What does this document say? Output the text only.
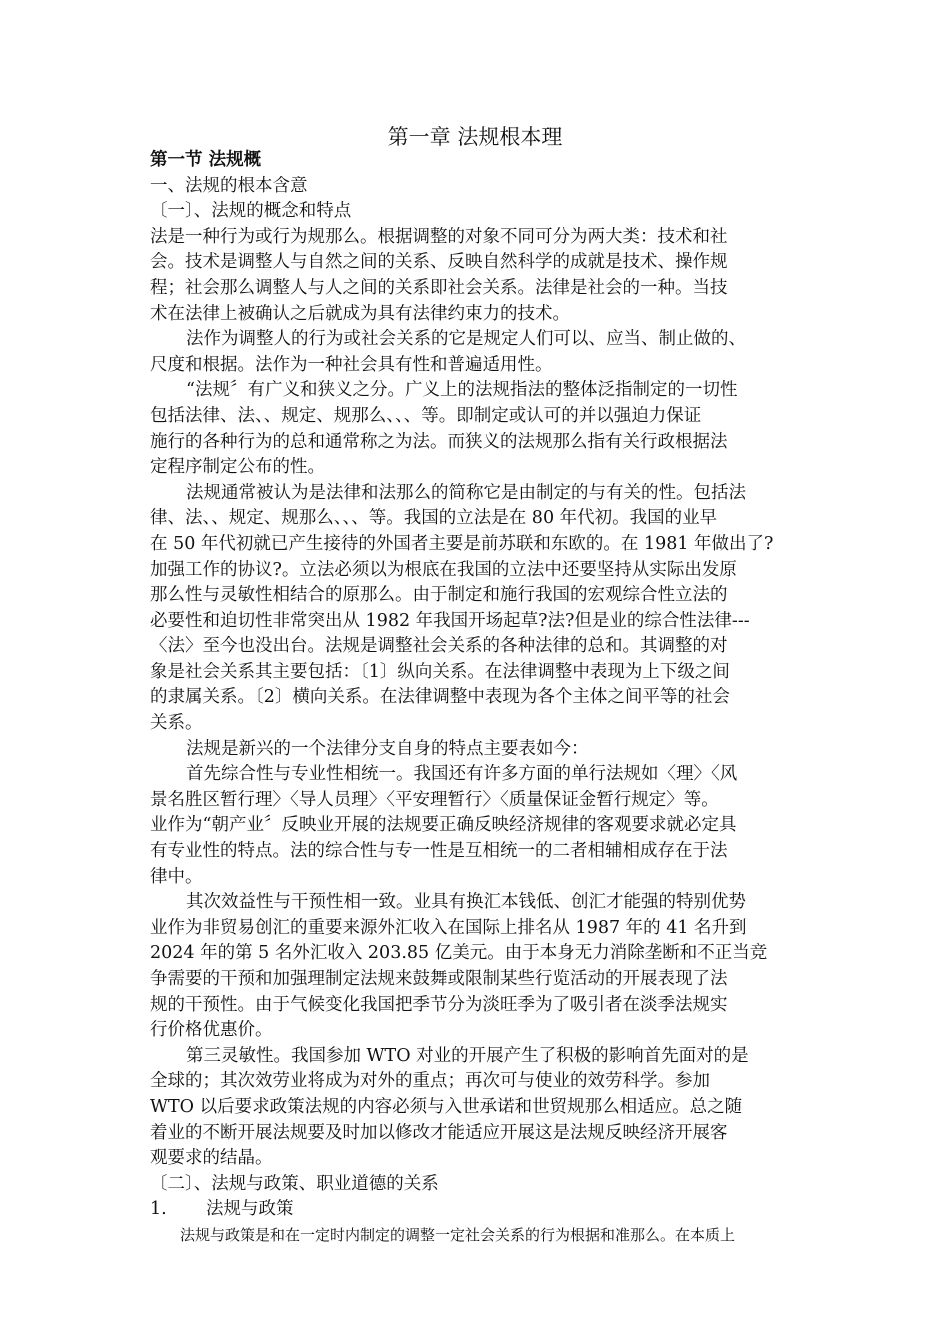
第一章 法规根本理
第一节 法规概
一、法规的根本含意
〔一〕、法规的概念和特点
法是一种行为或行为规那么。根据调整的对象不同可分为两大类：技术和社
会。技术是调整人与自然之间的关系、反映自然科学的成就是技术、操作规
程；社会那么调整人与人之间的关系即社会关系。法律是社会的一种。当技
术在法律上被确认之后就成为具有法律约束力的技术。
法作为调整人的行为或社会关系的它是规定人们可以、应当、制止做的、
尺度和根据。法作为一种社会具有性和普遍适用性。
“法规〞有广义和狭义之分。广义上的法规指法的整体泛指制定的一切性
包括法律、法、、规定、规那么、、、等。即制定或认可的并以强迫力保证
施行的各种行为的总和通常称之为法。而狭义的法规那么指有关行政根据法
定程序制定公布的性。
法规通常被认为是法律和法那么的简称它是由制定的与有关的性。包括法
律、法、、规定、规那么、、、等。我国的立法是在 80 年代初。我国的业早
在 50 年代初就已产生接待的外国者主要是前苏联和东欧的。在 1981 年做出了?
加强工作的协议?。立法必须以为根底在我国的立法中还要坚持从实际出发原
那么性与灵敏性相结合的原那么。由于制定和施行我国的宏观综合性立法的
必要性和迫切性非常突出从 1982 年我国开场起草?法?但是业的综合性法律---
〈法〉至今也没出台。法规是调整社会关系的各种法律的总和。其调整的对
象是社会关系其主要包括：〔1〕纵向关系。在法律调整中表现为上下级之间
的隶属关系。〔2〕横向关系。在法律调整中表现为各个主体之间平等的社会
关系。
法规是新兴的一个法律分支自身的特点主要表如今：
首先综合性与专业性相统一。我国还有许多方面的单行法规如〈理〉〈风
景名胜区暂行理〉〈导人员理〉〈平安理暂行〉〈质量保证金暂行规定〉等。
业作为“朝产业〞反映业开展的法规要正确反映经济规律的客观要求就必定具
有专业性的特点。法的综合性与专一性是互相统一的二者相辅相成存在于法
律中。
其次效益性与干预性相一致。业具有换汇本钱低、创汇才能强的特别优势
业作为非贸易创汇的重要来源外汇收入在国际上排名从 1987 年的 41 名升到
2024 年的第 5 名外汇收入 203.85 亿美元。由于本身无力消除垄断和不正当竞
争需要的干预和加强理制定法规来鼓舞或限制某些行览活动的开展表现了法
规的干预性。由于气候变化我国把季节分为淡旺季为了吸引者在淡季法规实
行价格优惠价。
第三灵敏性。我国参加 WTO 对业的开展产生了积极的影响首先面对的是
全球的；其次效劳业将成为对外的重点；再次可与使业的效劳科学。参加
WTO 以后要求政策法规的内容必须与入世承诺和世贸规那么相适应。总之随
着业的不断开展法规要及时加以修改才能适应开展这是法规反映经济开展客
观要求的结晶。
〔二〕、法规与政策、职业道德的关系
1. 法规与政策
法规与政策是和在一定时内制定的调整一定社会关系的行为根据和准那么。在本质上
